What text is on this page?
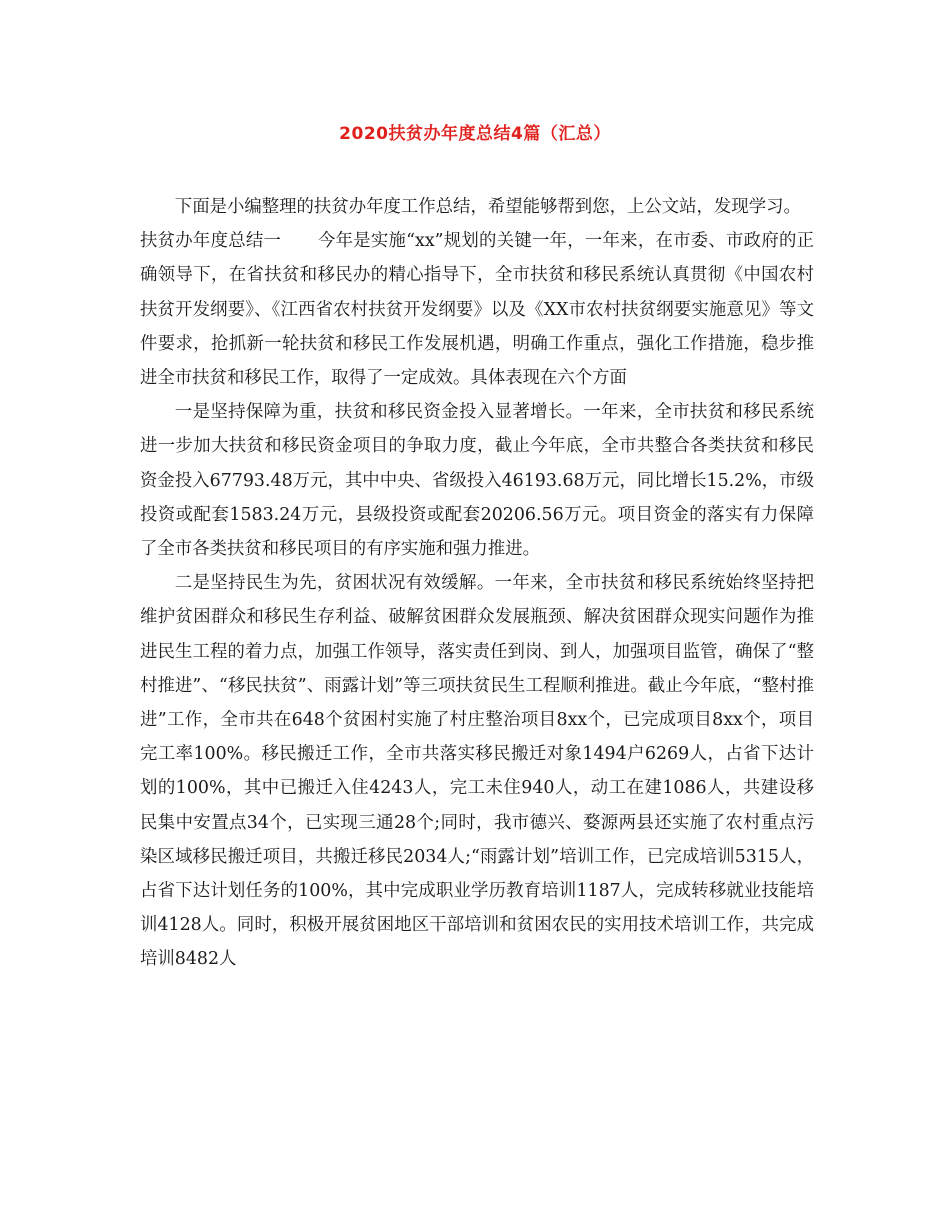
2020扶贫办年度总结4篇（汇总）

下面是小编整理的扶贫办年度工作总结，希望能够帮到您，上公文站，发现学习。

扶贫办年度总结一 今年是实施“xx”规划的关键一年，一年来，在市委、市政府的正确领导下，在省扶贫和移民办的精心指导下，全市扶贫和移民系统认真贯彻《中国农村扶贫开发纲要》、《江西省农村扶贫开发纲要》以及《XX市农村扶贫纲要实施意见》等文件要求，抢抓新一轮扶贫和移民工作发展机遇，明确工作重点，强化工作措施，稳步推进全市扶贫和移民工作，取得了一定成效。具体表现在六个方面

一是坚持保障为重，扶贫和移民资金投入显著增长。一年来，全市扶贫和移民系统进一步加大扶贫和移民资金项目的争取力度，截止今年底，全市共整合各类扶贫和移民资金投入67793.48万元，其中中央、省级投入46193.68万元，同比增长15.2%，市级投资或配套1583.24万元，县级投资或配套20206.56万元。项目资金的落实有力保障了全市各类扶贫和移民项目的有序实施和强力推进。

二是坚持民生为先，贫困状况有效缓解。一年来，全市扶贫和移民系统始终坚持把维护贫困群众和移民生存利益、破解贫困群众发展瓶颈、解决贫困群众现实问题作为推进民生工程的着力点，加强工作领导，落实责任到岗、到人，加强项目监管，确保了“整村推进”、“移民扶贫”、雨露计划”等三项扶贫民生工程顺利推进。截止今年底，“整村推进”工作，全市共在648个贫困村实施了村庄整治项目8xx个，已完成项目8xx个，项目完工率100%。移民搬迁工作，全市共落实移民搬迁对象1494户6269人，占省下达计划的100%，其中已搬迁入住4243人，完工未住940人，动工在建1086人，共建设移民集中安置点34个，已实现三通28个;同时，我市德兴、婺源两县还实施了农村重点污染区域移民搬迁项目，共搬迁移民2034人;“雨露计划”培训工作，已完成培训5315人，占省下达计划任务的100%，其中完成职业学历教育培训1187人，完成转移就业技能培训4128人。同时，积极开展贫困地区干部培训和贫困农民的实用技术培训工作，共完成培训8482人
